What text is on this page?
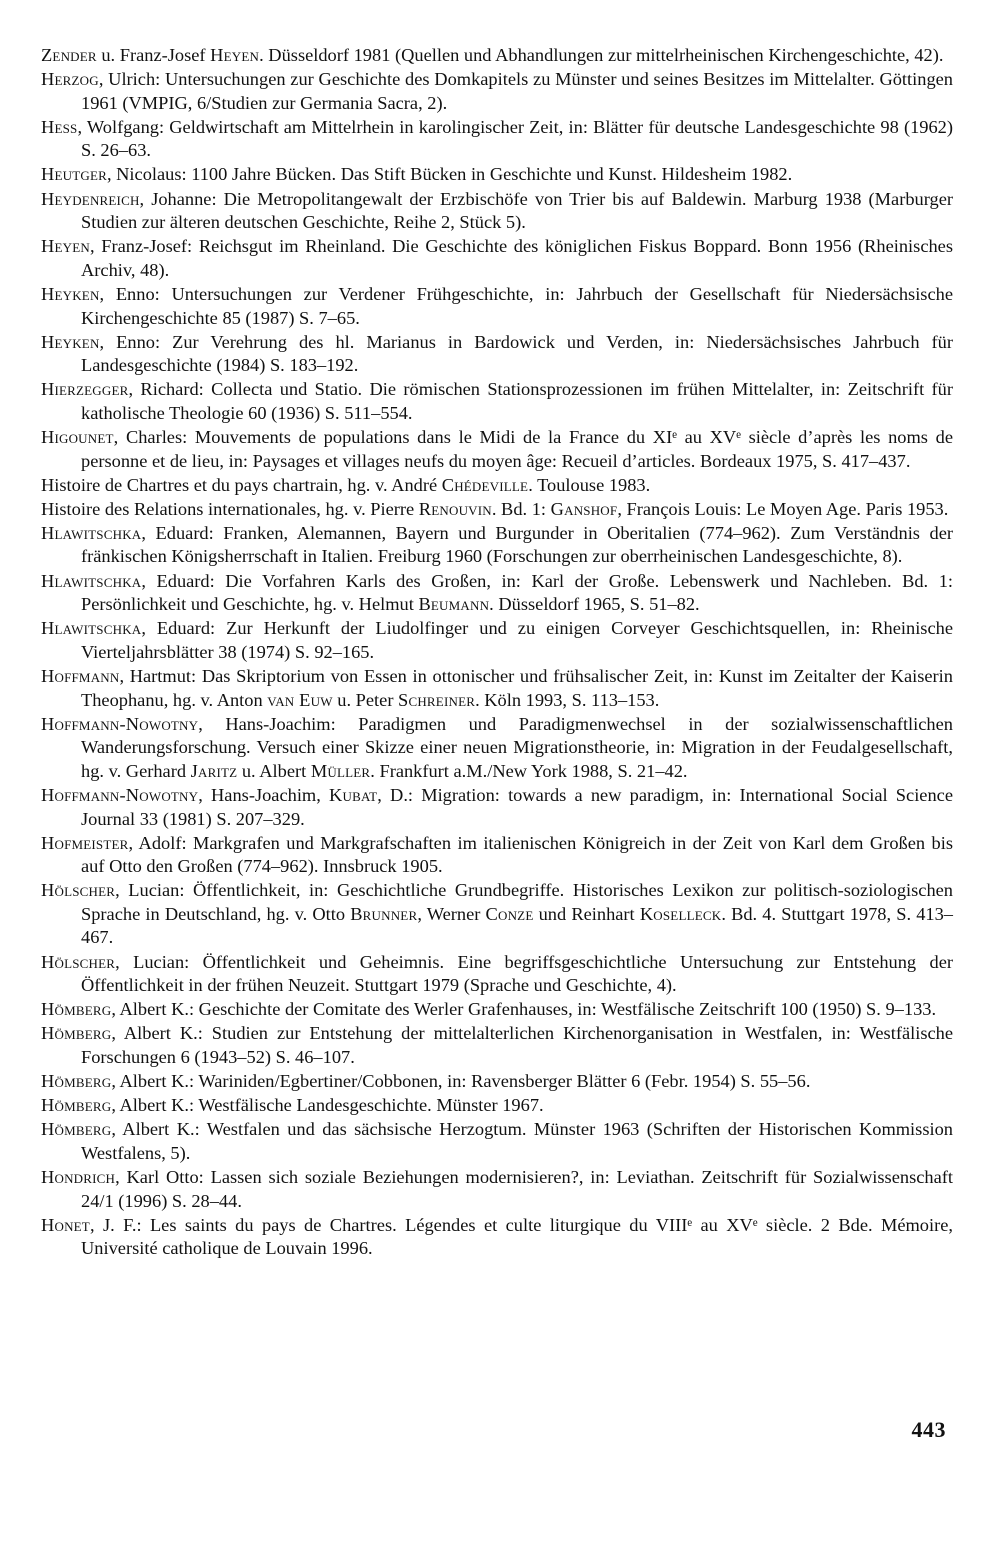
Zender u. Franz-Josef Heyen. Düsseldorf 1981 (Quellen und Abhandlungen zur mittelrheinischen Kirchengeschichte, 42).
Herzog, Ulrich: Untersuchungen zur Geschichte des Domkapitels zu Münster und seines Besitzes im Mittelalter. Göttingen 1961 (VMPIG, 6/Studien zur Germania Sacra, 2).
Hess, Wolfgang: Geldwirtschaft am Mittelrhein in karolingischer Zeit, in: Blätter für deutsche Landesgeschichte 98 (1962) S. 26–63.
Heutger, Nicolaus: 1100 Jahre Bücken. Das Stift Bücken in Geschichte und Kunst. Hildesheim 1982.
Heydenreich, Johanne: Die Metropolitangewalt der Erzbischöfe von Trier bis auf Baldewin. Marburg 1938 (Marburger Studien zur älteren deutschen Geschichte, Reihe 2, Stück 5).
Heyen, Franz-Josef: Reichsgut im Rheinland. Die Geschichte des königlichen Fiskus Boppard. Bonn 1956 (Rheinisches Archiv, 48).
Heyken, Enno: Untersuchungen zur Verdener Frühgeschichte, in: Jahrbuch der Gesellschaft für Niedersächsische Kirchengeschichte 85 (1987) S. 7–65.
Heyken, Enno: Zur Verehrung des hl. Marianus in Bardowick und Verden, in: Niedersächsisches Jahrbuch für Landesgeschichte (1984) S. 183–192.
Hierzegger, Richard: Collecta und Statio. Die römischen Stationsprozessionen im frühen Mittelalter, in: Zeitschrift für katholische Theologie 60 (1936) S. 511–554.
Higounet, Charles: Mouvements de populations dans le Midi de la France du XIᵉ au XVᵉ siècle d’après les noms de personne et de lieu, in: Paysages et villages neufs du moyen âge: Recueil d’articles. Bordeaux 1975, S. 417–437.
Histoire de Chartres et du pays chartrain, hg. v. André Chédeville. Toulouse 1983.
Histoire des Relations internationales, hg. v. Pierre Renouvin. Bd. 1: Ganshof, François Louis: Le Moyen Age. Paris 1953.
Hlawitschka, Eduard: Franken, Alemannen, Bayern und Burgunder in Oberitalien (774–962). Zum Verständnis der fränkischen Königsherrschaft in Italien. Freiburg 1960 (Forschungen zur oberrheinischen Landesgeschichte, 8).
Hlawitschka, Eduard: Die Vorfahren Karls des Großen, in: Karl der Große. Lebenswerk und Nachleben. Bd. 1: Persönlichkeit und Geschichte, hg. v. Helmut Beumann. Düsseldorf 1965, S. 51–82.
Hlawitschka, Eduard: Zur Herkunft der Liudolfinger und zu einigen Corveyer Geschichtsquellen, in: Rheinische Vierteljahrsblätter 38 (1974) S. 92–165.
Hoffmann, Hartmut: Das Skriptorium von Essen in ottonischer und frühsalischer Zeit, in: Kunst im Zeitalter der Kaiserin Theophanu, hg. v. Anton van Euw u. Peter Schreiner. Köln 1993, S. 113–153.
Hoffmann-Nowotny, Hans-Joachim: Paradigmen und Paradigmenwechsel in der sozialwissenschaftlichen Wanderungsforschung. Versuch einer Skizze einer neuen Migrationstheorie, in: Migration in der Feudalgesellschaft, hg. v. Gerhard Jaritz u. Albert Müller. Frankfurt a.M./New York 1988, S. 21–42.
Hoffmann-Nowotny, Hans-Joachim, Kubat, D.: Migration: towards a new paradigm, in: International Social Science Journal 33 (1981) S. 207–329.
Hofmeister, Adolf: Markgrafen und Markgrafschaften im italienischen Königreich in der Zeit von Karl dem Großen bis auf Otto den Großen (774–962). Innsbruck 1905.
Hölscher, Lucian: Öffentlichkeit, in: Geschichtliche Grundbegriffe. Historisches Lexikon zur politisch-soziologischen Sprache in Deutschland, hg. v. Otto Brunner, Werner Conze und Reinhart Koselleck. Bd. 4. Stuttgart 1978, S. 413–467.
Hölscher, Lucian: Öffentlichkeit und Geheimnis. Eine begriffsgeschichtliche Untersuchung zur Entstehung der Öffentlichkeit in der frühen Neuzeit. Stuttgart 1979 (Sprache und Geschichte, 4).
Hömberg, Albert K.: Geschichte der Comitate des Werler Grafenhauses, in: Westfälische Zeitschrift 100 (1950) S. 9–133.
Hömberg, Albert K.: Studien zur Entstehung der mittelalterlichen Kirchenorganisation in Westfalen, in: Westfälische Forschungen 6 (1943–52) S. 46–107.
Hömberg, Albert K.: Wariniden/Egbertiner/Cobbonen, in: Ravensberger Blätter 6 (Febr. 1954) S. 55–56.
Hömberg, Albert K.: Westfälische Landesgeschichte. Münster 1967.
Hömberg, Albert K.: Westfalen und das sächsische Herzogtum. Münster 1963 (Schriften der Historischen Kommission Westfalens, 5).
Hondrich, Karl Otto: Lassen sich soziale Beziehungen modernisieren?, in: Leviathan. Zeitschrift für Sozialwissenschaft 24/1 (1996) S. 28–44.
Honet, J. F.: Les saints du pays de Chartres. Légendes et culte liturgique du VIIIᵉ au XVᵉ siècle. 2 Bde. Mémoire, Université catholique de Louvain 1996.
443
